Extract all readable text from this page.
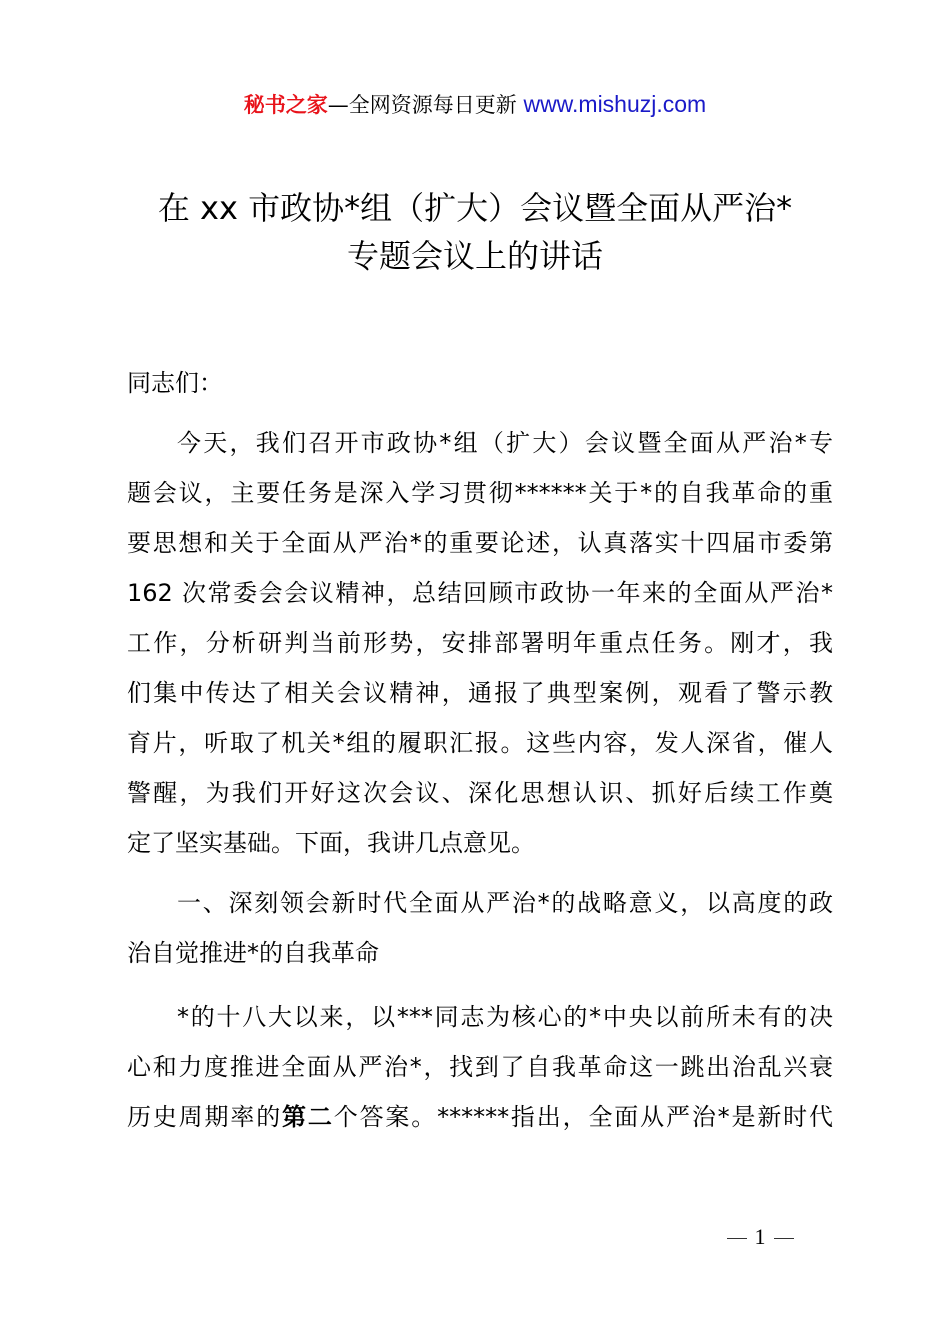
秘书之家—全网资源每日更新 www.mishuzj.com
在 xx 市政协*组（扩大）会议暨全面从严治*
专题会议上的讲话
同志们：
今天，我们召开市政协*组（扩大）会议暨全面从严治*专
题会议，主要任务是深入学习贯彻******关于*的自我革命的重
要思想和关于全面从严治*的重要论述，认真落实十四届市委第
162 次常委会会议精神，总结回顾市政协一年来的全面从严治*
工作，分析研判当前形势，安排部署明年重点任务。刚才，我
们集中传达了相关会议精神，通报了典型案例，观看了警示教
育片，听取了机关*组的履职汇报。这些内容，发人深省，催人
警醒，为我们开好这次会议、深化思想认识、抓好后续工作奠
定了坚实基础。下面，我讲几点意见。
一、深刻领会新时代全面从严治*的战略意义，以高度的政
治自觉推进*的自我革命
*的十八大以来，以***同志为核心的*中央以前所未有的决
心和力度推进全面从严治*，找到了自我革命这一跳出治乱兴衰
历史周期率的第二个答案。******指出，全面从严治*是新时代
1
